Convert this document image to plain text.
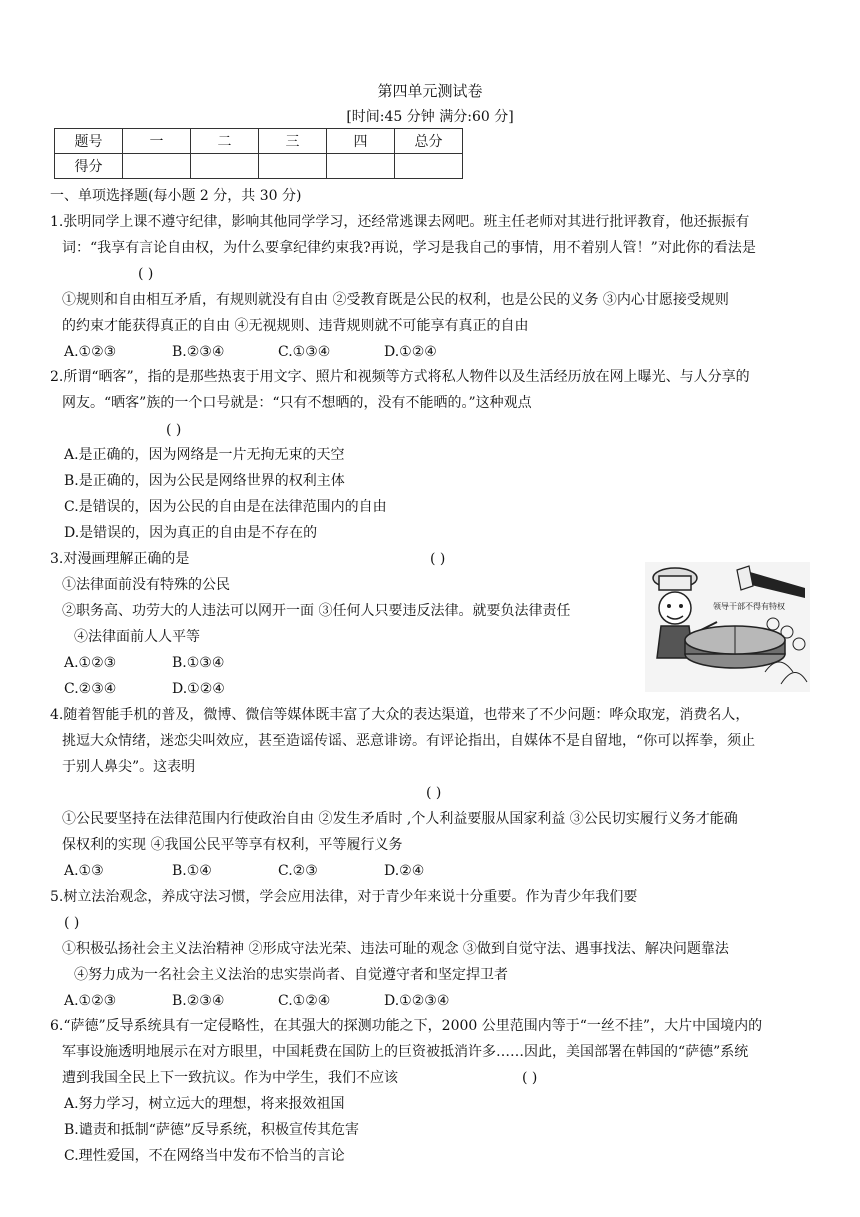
第四单元测试卷
[时间:45 分钟 满分:60 分]
题号	一	二	三	四	总分
得分					
一、单项选择题(每小题 2 分，共 30 分)
1.张明同学上课不遵守纪律，影响其他同学学习，还经常逃课去网吧。班主任老师对其进行批评教育，他还振振有
词：“我享有言论自由权，为什么要拿纪律约束我?再说，学习是我自己的事情，用不着别人管！”对此你的看法是
( )
①规则和自由相互矛盾，有规则就没有自由 ②受教育既是公民的权利，也是公民的义务 ③内心甘愿接受规则
的约束才能获得真正的自由 ④无视规则、违背规则就不可能享有真正的自由
A.①②③	B.②③④	C.①③④	D.①②④
2.所谓“晒客”，指的是那些热衷于用文字、照片和视频等方式将私人物件以及生活经历放在网上曝光、与人分享的
网友。“晒客”族的一个口号就是：“只有不想晒的，没有不能晒的。”这种观点
( )
A.是正确的，因为网络是一片无拘无束的天空
B.是正确的，因为公民是网络世界的权利主体
C.是错误的，因为公民的自由是在法律范围内的自由
D.是错误的，因为真正的自由是不存在的
3.对漫画理解正确的是	( )
①法律面前没有特殊的公民
②职务高、功劳大的人违法可以网开一面 ③任何人只要违反法律。就要负法律责任
④法律面前人人平等
A.①②③	B.①③④
C.②③④	D.①②④
领导干部不得有特权
4.随着智能手机的普及，微博、微信等媒体既丰富了大众的表达渠道，也带来了不少问题：哗众取宠，消费名人，
挑逗大众情绪，迷恋尖叫效应，甚至造谣传谣、恶意诽谤。有评论指出，自媒体不是自留地，“你可以挥拳，须止
于别人鼻尖”。这表明
( )
①公民要坚持在法律范围内行使政治自由 ②发生矛盾时 ,个人利益要服从国家利益 ③公民切实履行义务才能确
保权利的实现 ④我国公民平等享有权利，平等履行义务
A.①③	B.①④	C.②③	D.②④
5.树立法治观念，养成守法习惯，学会应用法律，对于青少年来说十分重要。作为青少年我们要
( )
①积极弘扬社会主义法治精神 ②形成守法光荣、违法可耻的观念 ③做到自觉守法、遇事找法、解决问题靠法
④努力成为一名社会主义法治的忠实崇尚者、自觉遵守者和坚定捍卫者
A.①②③	B.②③④	C.①②④	D.①②③④
6.“萨德”反导系统具有一定侵略性，在其强大的探测功能之下，2000 公里范围内等于“一丝不挂”，大片中国境内的
军事设施透明地展示在对方眼里，中国耗费在国防上的巨资被抵消许多……因此，美国部署在韩国的“萨德”系统
遭到我国全民上下一致抗议。作为中学生，我们不应该	( )
A.努力学习，树立远大的理想，将来报效祖国
B.谴责和抵制“萨德”反导系统，积极宣传其危害
C.理性爱国，不在网络当中发布不恰当的言论
